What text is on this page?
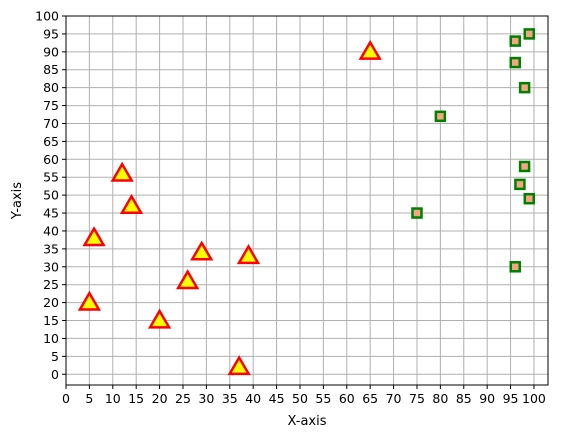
0 5 10 15 20 25 30 35 40 45 50 55 60 65 70 75 80 85 90 95 100
0
5
10
15
20
25
30
35
40
45
50
55
60
65
70
75
80
85
90
95
100
X-axis
Y-axis
